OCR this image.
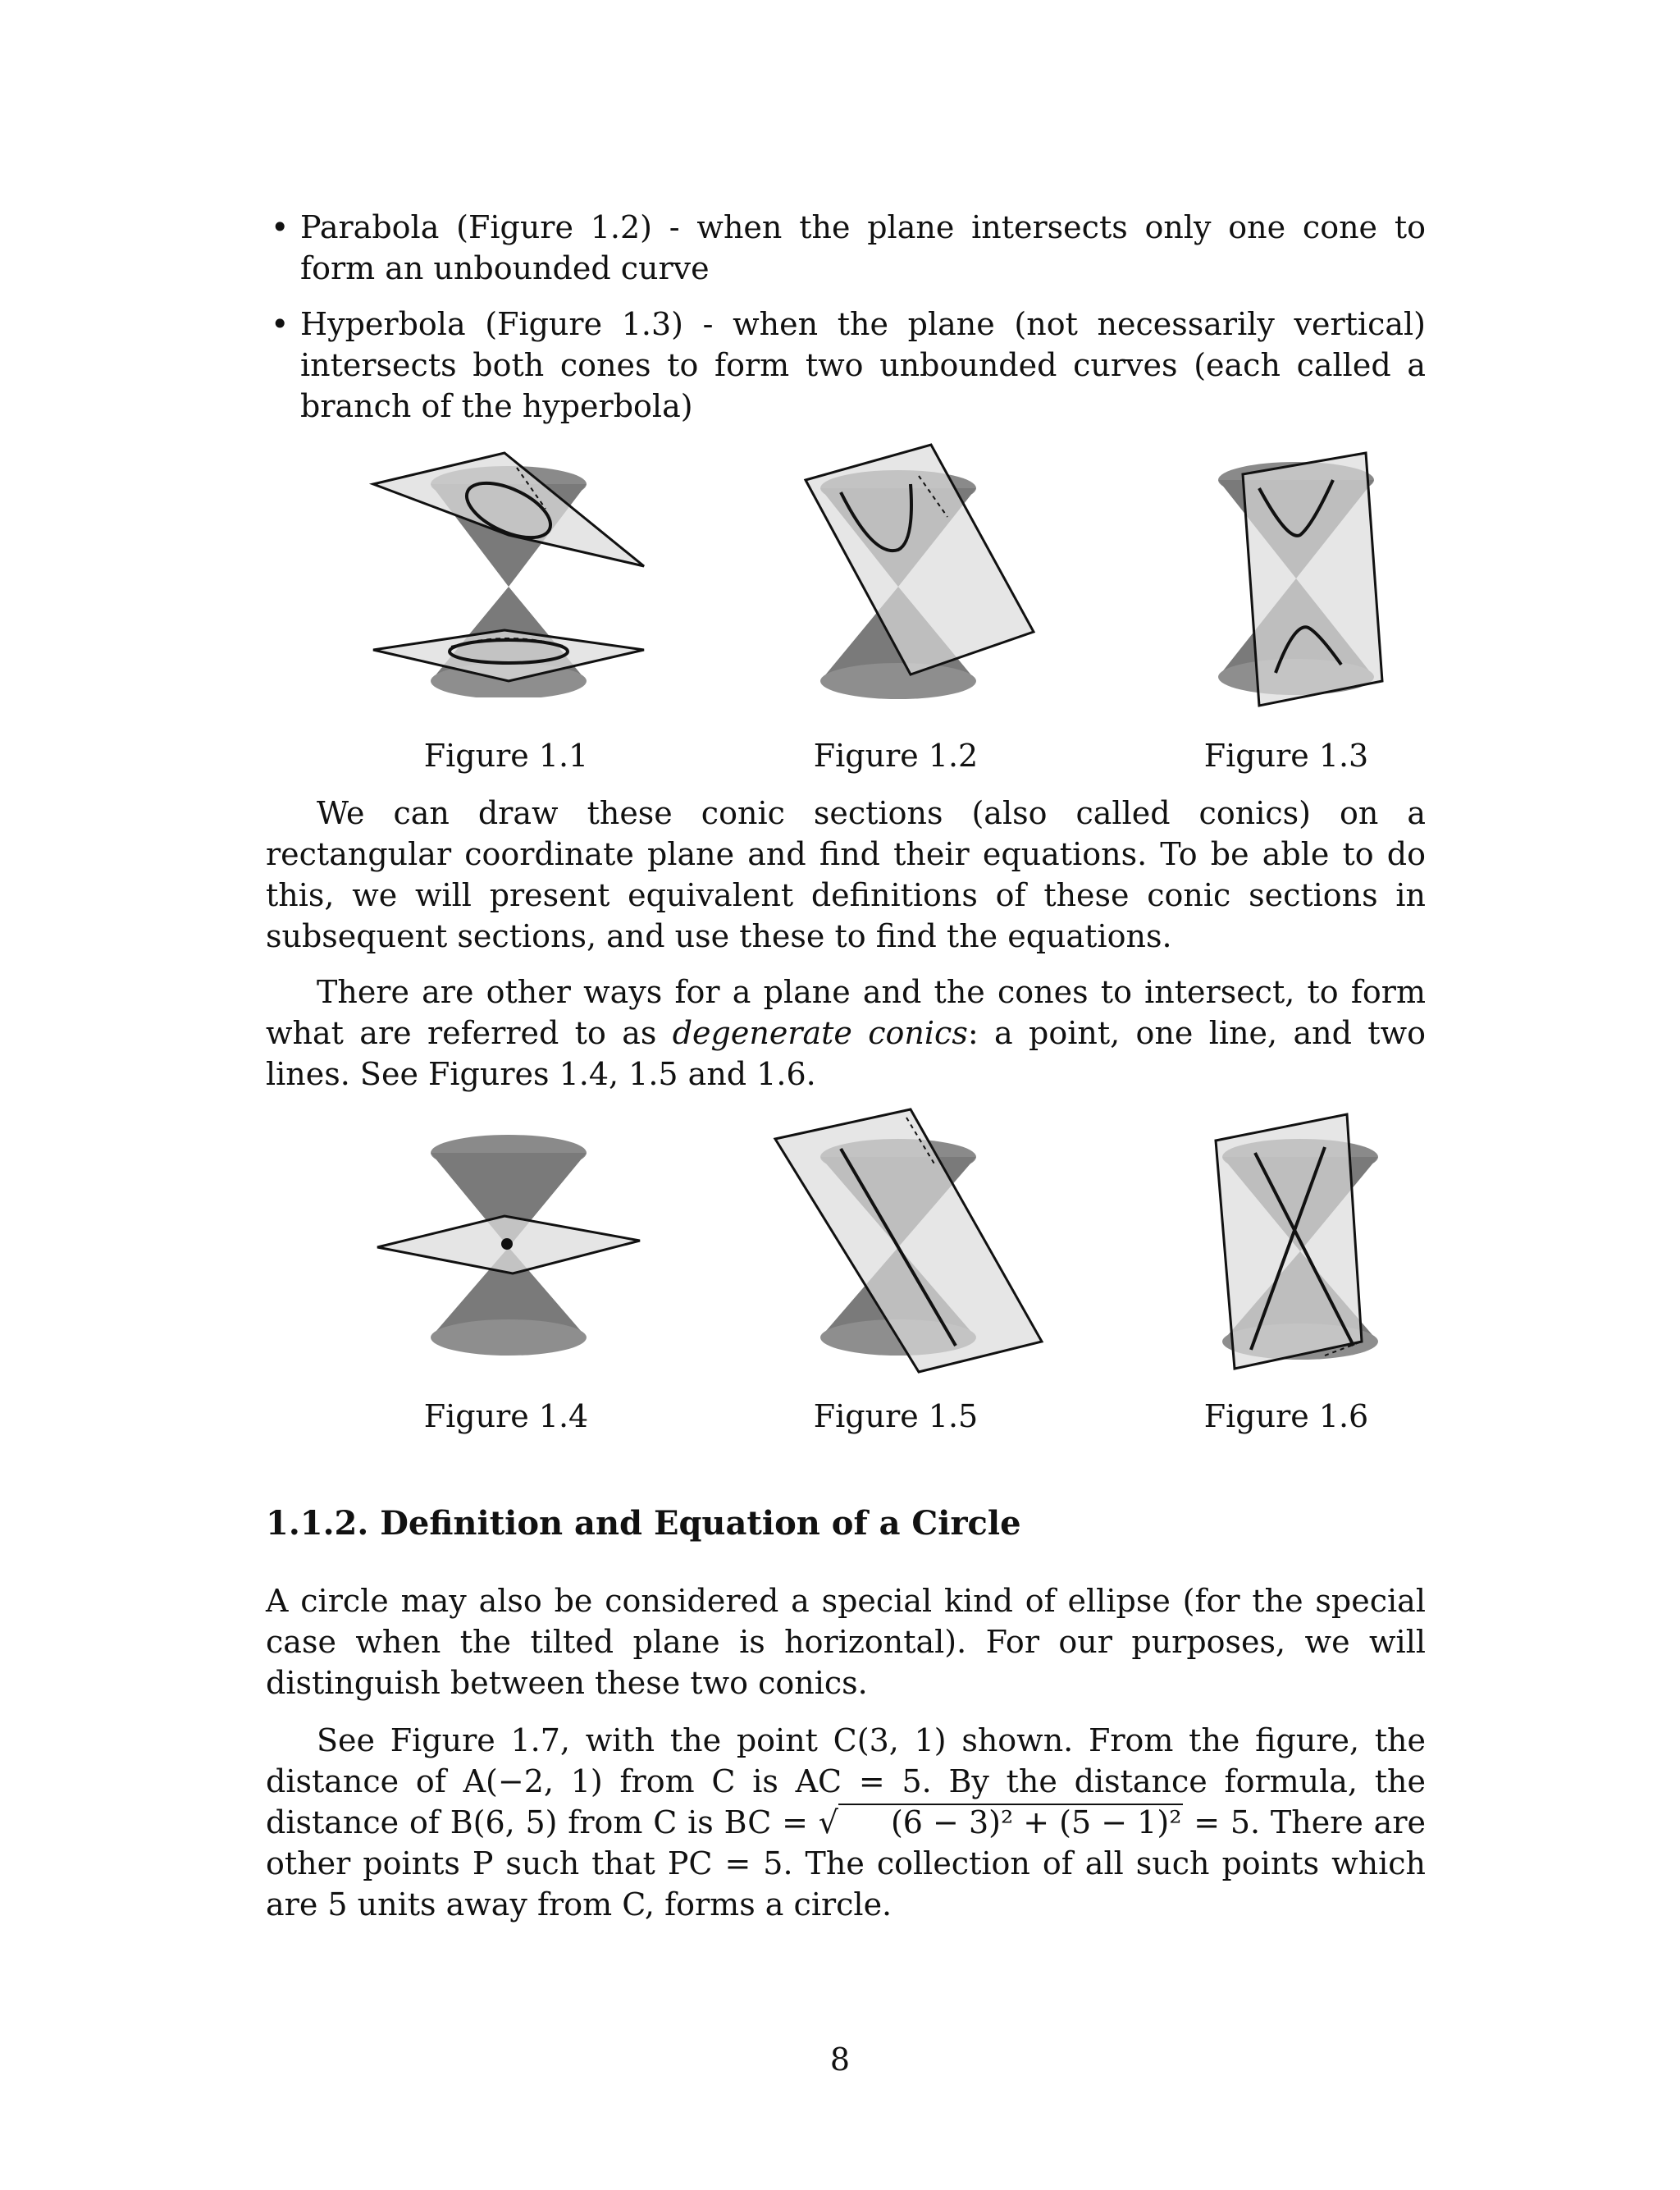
• Parabola (Figure 1.2) - when the plane intersects only one cone to form an unbounded curve

• Hyperbola (Figure 1.3) - when the plane (not necessarily vertical) intersects both cones to form two unbounded curves (each called a branch of the hyperbola)

Figure 1.1	Figure 1.2	Figure 1.3

We can draw these conic sections (also called conics) on a rectangular coordinate plane and find their equations. To be able to do this, we will present equivalent definitions of these conic sections in subsequent sections, and use these to find the equations.

There are other ways for a plane and the cones to intersect, to form what are referred to as degenerate conics: a point, one line, and two lines. See Figures 1.4, 1.5 and 1.6.

Figure 1.4	Figure 1.5	Figure 1.6
1.1.2. Definition and Equation of a Circle

A circle may also be considered a special kind of ellipse (for the special case when the tilted plane is horizontal). For our purposes, we will distinguish between these two conics.

See Figure 1.7, with the point C(3, 1) shown. From the figure, the distance of A(−2, 1) from C is AC = 5. By the distance formula, the distance of B(6, 5) from C is BC = √ (6 − 3)² + (5 − 1)² = 5. There are other points P such that PC = 5. The collection of all such points which are 5 units away from C, forms a circle.

8
